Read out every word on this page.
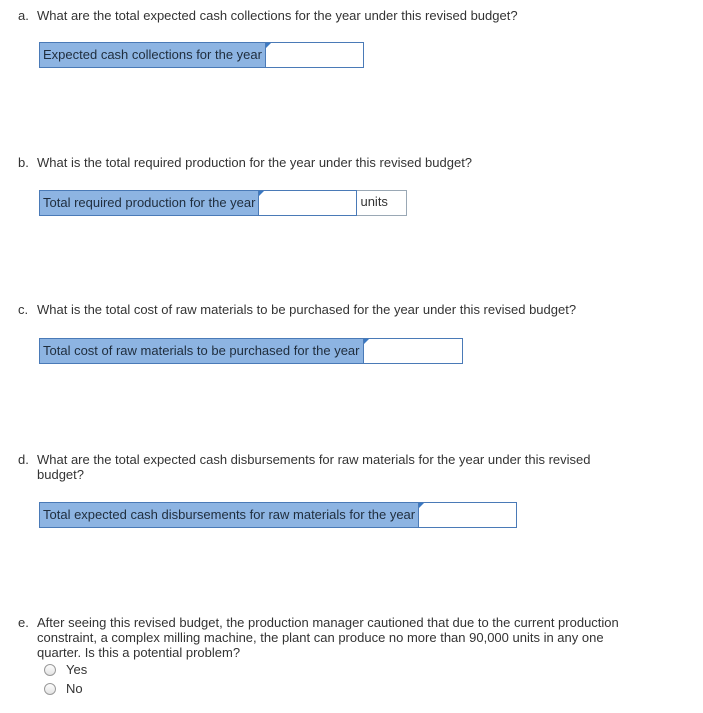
a. What are the total expected cash collections for the year under this revised budget?
Expected cash collections for the year
b. What is the total required production for the year under this revised budget?
Total required production for the year	units
c. What is the total cost of raw materials to be purchased for the year under this revised budget?
Total cost of raw materials to be purchased for the year
d. What are the total expected cash disbursements for raw materials for the year under this revised
budget?
Total expected cash disbursements for raw materials for the year
e. After seeing this revised budget, the production manager cautioned that due to the current production
constraint, a complex milling machine, the plant can produce no more than 90,000 units in any one
quarter. Is this a potential problem?
Yes
No
